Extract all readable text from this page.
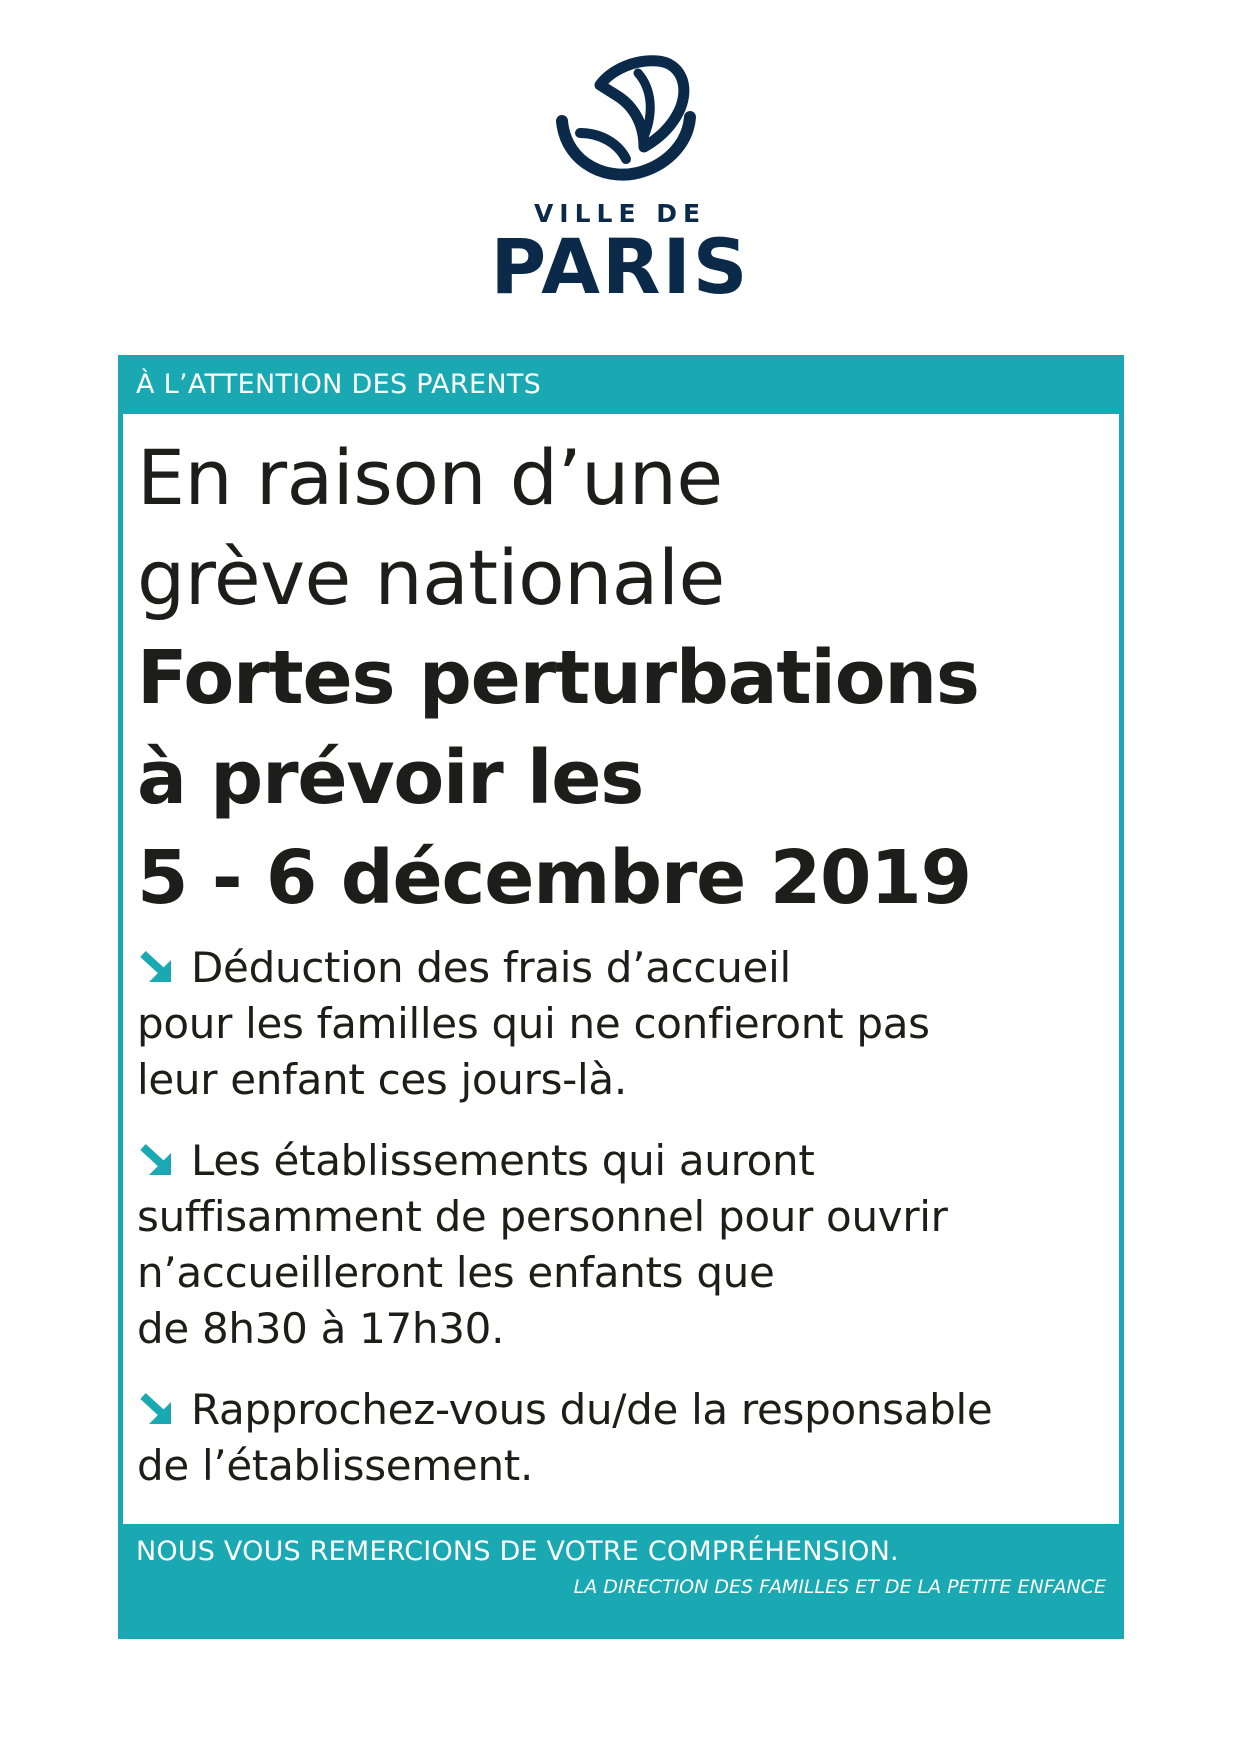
VILLE DE
PARIS
À L’ATTENTION DES PARENTS
En raison d’une
grève nationale
Fortes perturbations
à prévoir les
5 - 6 décembre 2019
Déduction des frais d’accueil
pour les familles qui ne confieront pas
leur enfant ces jours-là.
Les établissements qui auront
suffisamment de personnel pour ouvrir
n’accueilleront les enfants que
de 8h30 à 17h30.
Rapprochez-vous du/de la responsable
de l’établissement.
NOUS VOUS REMERCIONS DE VOTRE COMPRÉHENSION.
LA DIRECTION DES FAMILLES ET DE LA PETITE ENFANCE
